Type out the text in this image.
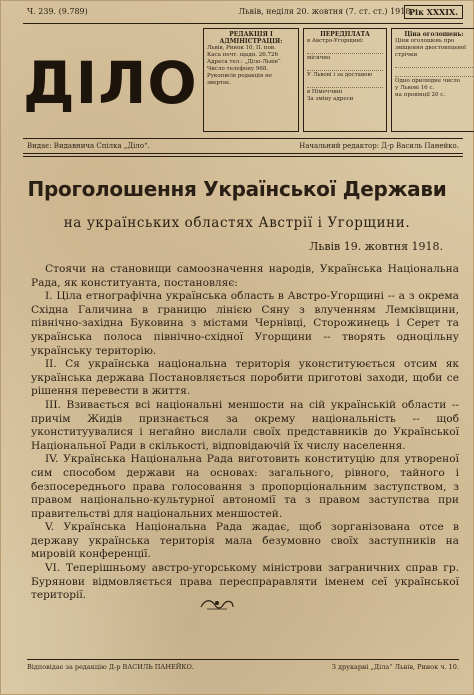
Ч. 239. (9.789)	Львів, неділя 20. жовтня (7. ст. ст.) 1918.
Рік XXXIX.
ДІЛО
РЕДАКЦІЯ І АДМІНІСТРАЦІЯ:
Львів, Ринок 10, II. пов.
Каса почт. щадн. 26.726
Адреса тел.: „Діло-Львів“
Число телефону 968.
Рукописів редакція не звертає.
ПЕРЕДПЛАТА
в Австро-Угорщині:
місячно
У Львові і за доставою
в Німеччині
За зміну адреси
Ціна оголошень:
Ціни оголошень про зміщення двостовпцевої стрічки
Одно прилюдне число
у Львові 16 с.
на провінції 20 с.
Видає: Видавнича Спілка „Діло“.	Начальний редактор: Д-р Василь Панейко.
Проголошення Української Держави
на українських областях Австрії і Угорщини.
Львів 19. жовтня 1918.

Стоячи на становищи самоозначення народів, Українська Національна Рада, як конституанта, постановляє:

I. Ціла етнографічна українська область в Австро-Угорщині -- а з окрема Східна Галичина в границю лінією Сяну з влученням Лемківщини, північно-західна Буковина з містами Чернівці, Сторожинець і Серет та українська полоса північно-східної Угорщини -- творять одноцільну українську територію.

II. Ся українська національна територія уконституюється отсим як українська держава Постановляється поробити приготові заходи, щоби се рішення перевести в життя.

III. Взивається всі національні меншости на сій українській области -- причім Жидів признається за окрему національність -- щоб уконституувалися і негайно вислали своїх представників до Української Національної Ради в скількості, відповідаючій їх числу населення.

IV. Українська Національна Рада виготовить конституцію для утвореної сим способом держави на основах: загального, рівного, тайного і безпосереднього права голосовання з пропорціональним заступством, з правом національно-культурної автономії та з правом заступства при правительстві для національних меншостей.

V. Українська Національна Рада жадає, щоб зорганізована отсе в державу українська територія мала безумовно своїх заступників на мировій конференції.

VI. Теперішньому австро-угорському міністрови заграничних справ гр. Бурянови відмовляється права переспраравляти іменем сеї української території.

Відповідає за редакцію Д-р ВАСИЛЬ ПАНЕЙКО.	З друкарні „Діла“ Львів, Ринок ч. 10.
